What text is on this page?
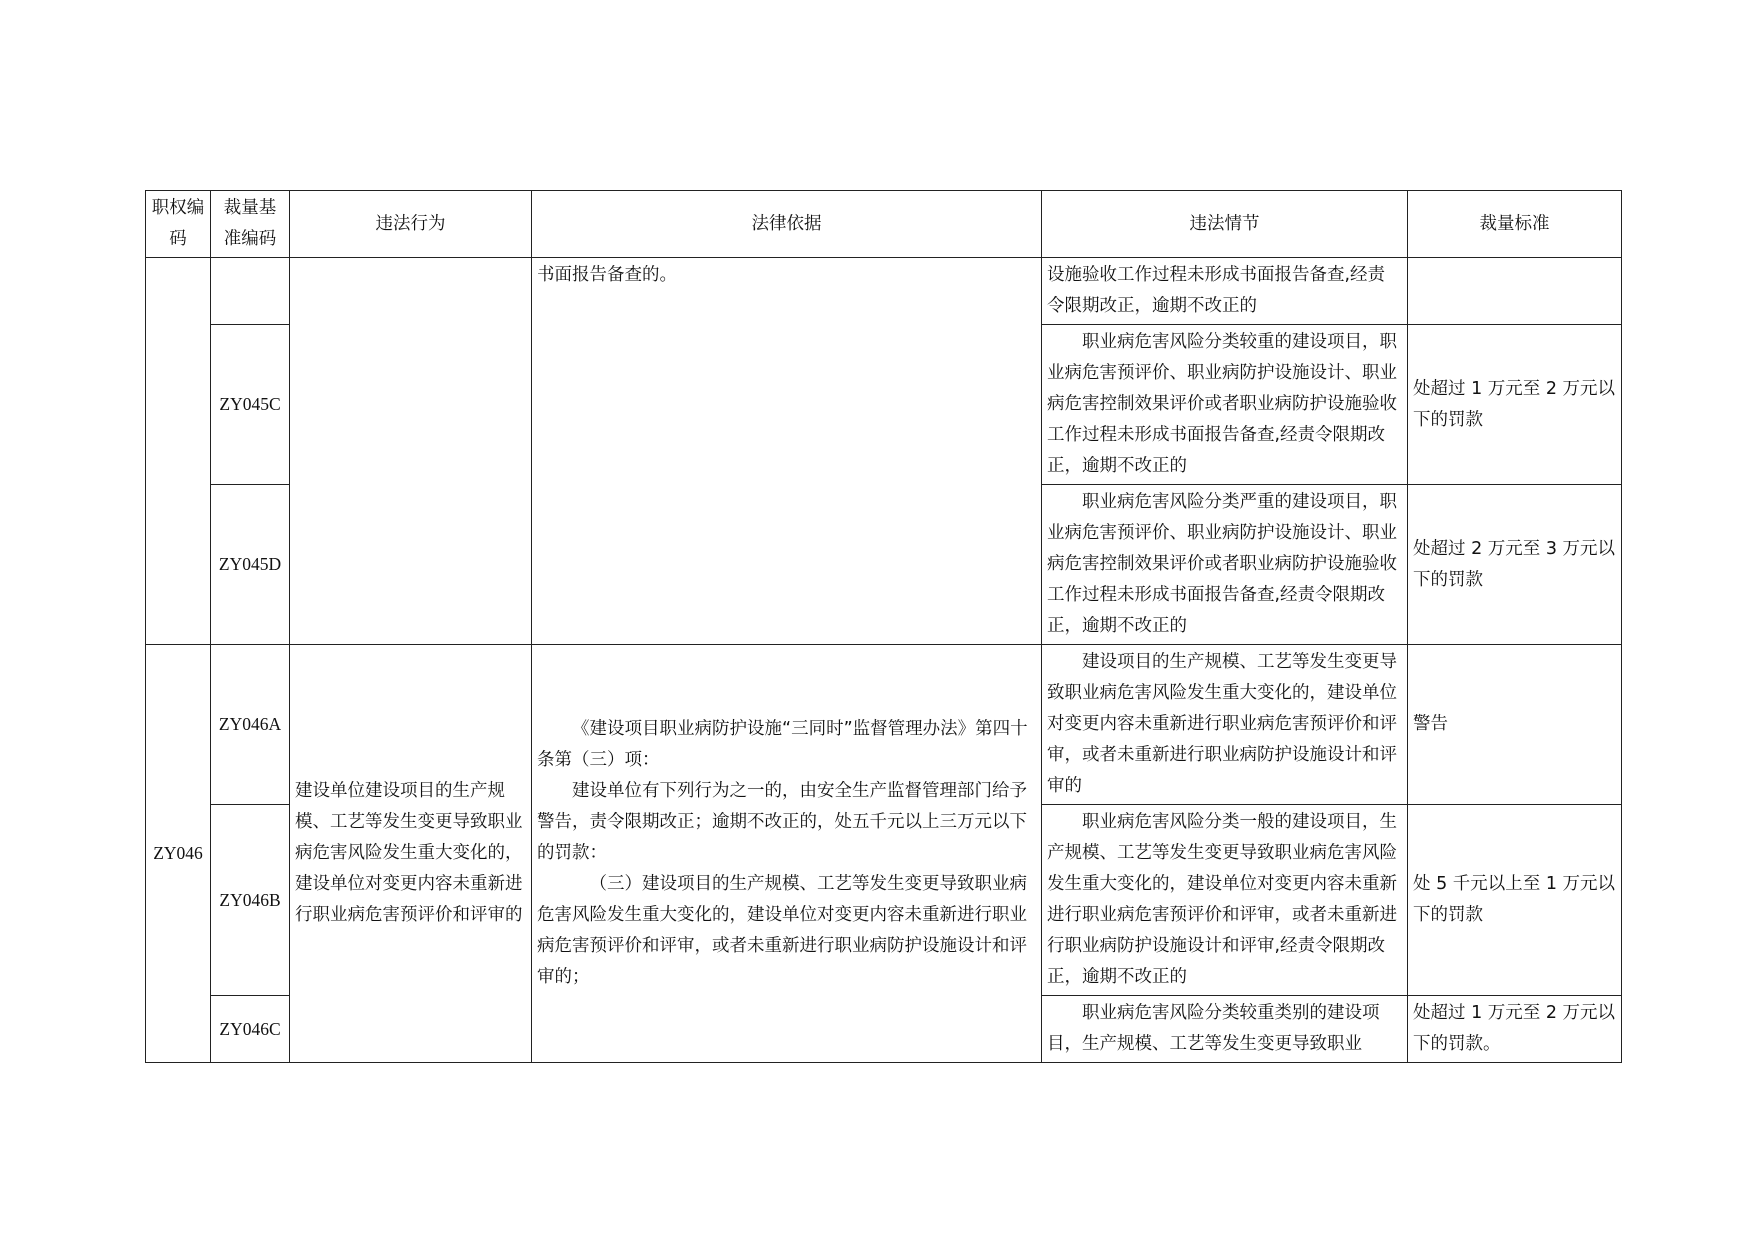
职权编码	裁量基准编码	违法行为	法律依据	违法情节	裁量标准
			书面报告备查的。	设施验收工作过程未形成书面报告备查,经责令限期改正，逾期不改正的	
	ZY045C			职业病危害风险分类较重的建设项目，职业病危害预评价、职业病防护设施设计、职业病危害控制效果评价或者职业病防护设施验收工作过程未形成书面报告备查,经责令限期改正，逾期不改正的	处超过 1 万元至 2 万元以下的罚款
	ZY045D			职业病危害风险分类严重的建设项目，职业病危害预评价、职业病防护设施设计、职业病危害控制效果评价或者职业病防护设施验收工作过程未形成书面报告备查,经责令限期改正，逾期不改正的	处超过 2 万元至 3 万元以下的罚款
ZY046	ZY046A	建设单位建设项目的生产规模、工艺等发生变更导致职业病危害风险发生重大变化的，建设单位对变更内容未重新进行职业病危害预评价和评审的	《建设项目职业病防护设施“三同时”监督管理办法》第四十条第（三）项：

建设单位有下列行为之一的，由安全生产监督管理部门给予警告，责令限期改正；逾期不改正的，处五千元以上三万元以下的罚款：

（三）建设项目的生产规模、工艺等发生变更导致职业病危害风险发生重大变化的，建设单位对变更内容未重新进行职业病危害预评价和评审，或者未重新进行职业病防护设施设计和评审的；	建设项目的生产规模、工艺等发生变更导致职业病危害风险发生重大变化的，建设单位对变更内容未重新进行职业病危害预评价和评审，或者未重新进行职业病防护设施设计和评审的	警告
	ZY046B			职业病危害风险分类一般的建设项目，生产规模、工艺等发生变更导致职业病危害风险发生重大变化的，建设单位对变更内容未重新进行职业病危害预评价和评审，或者未重新进行职业病防护设施设计和评审,经责令限期改正，逾期不改正的	处 5 千元以上至 1 万元以下的罚款
	ZY046C			职业病危害风险分类较重类别的建设项目，生产规模、工艺等发生变更导致职业	处超过 1 万元至 2 万元以下的罚款。
